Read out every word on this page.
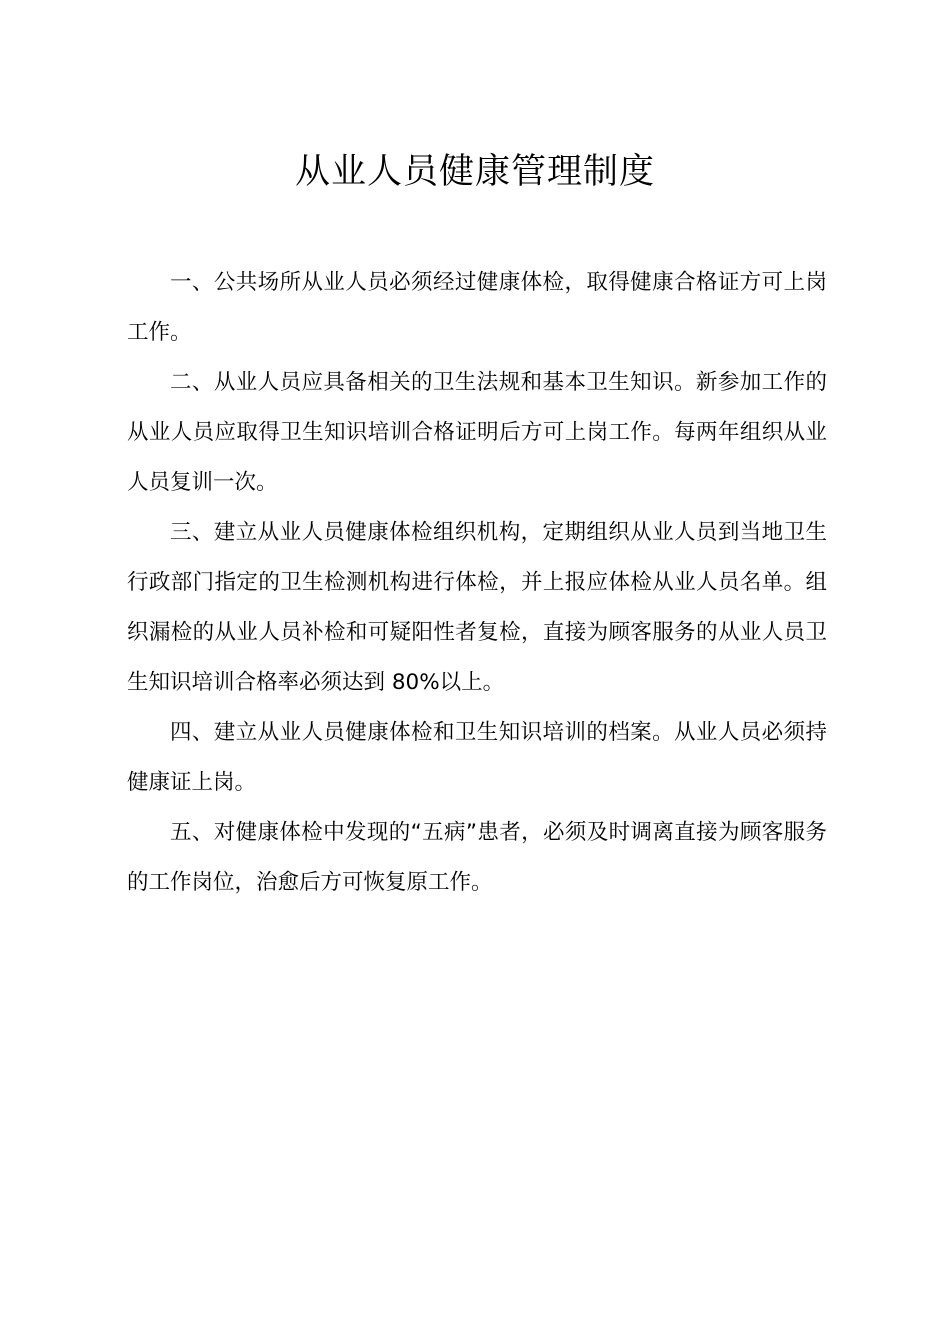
从业人员健康管理制度

一、公共场所从业人员必须经过健康体检，取得健康合格证方可上岗工作。

二、从业人员应具备相关的卫生法规和基本卫生知识。新参加工作的从业人员应取得卫生知识培训合格证明后方可上岗工作。每两年组织从业人员复训一次。

三、建立从业人员健康体检组织机构，定期组织从业人员到当地卫生行政部门指定的卫生检测机构进行体检，并上报应体检从业人员名单。组织漏检的从业人员补检和可疑阳性者复检，直接为顾客服务的从业人员卫生知识培训合格率必须达到 80%以上。

四、建立从业人员健康体检和卫生知识培训的档案。从业人员必须持健康证上岗。

五、对健康体检中发现的“五病”患者，必须及时调离直接为顾客服务的工作岗位，治愈后方可恢复原工作。
